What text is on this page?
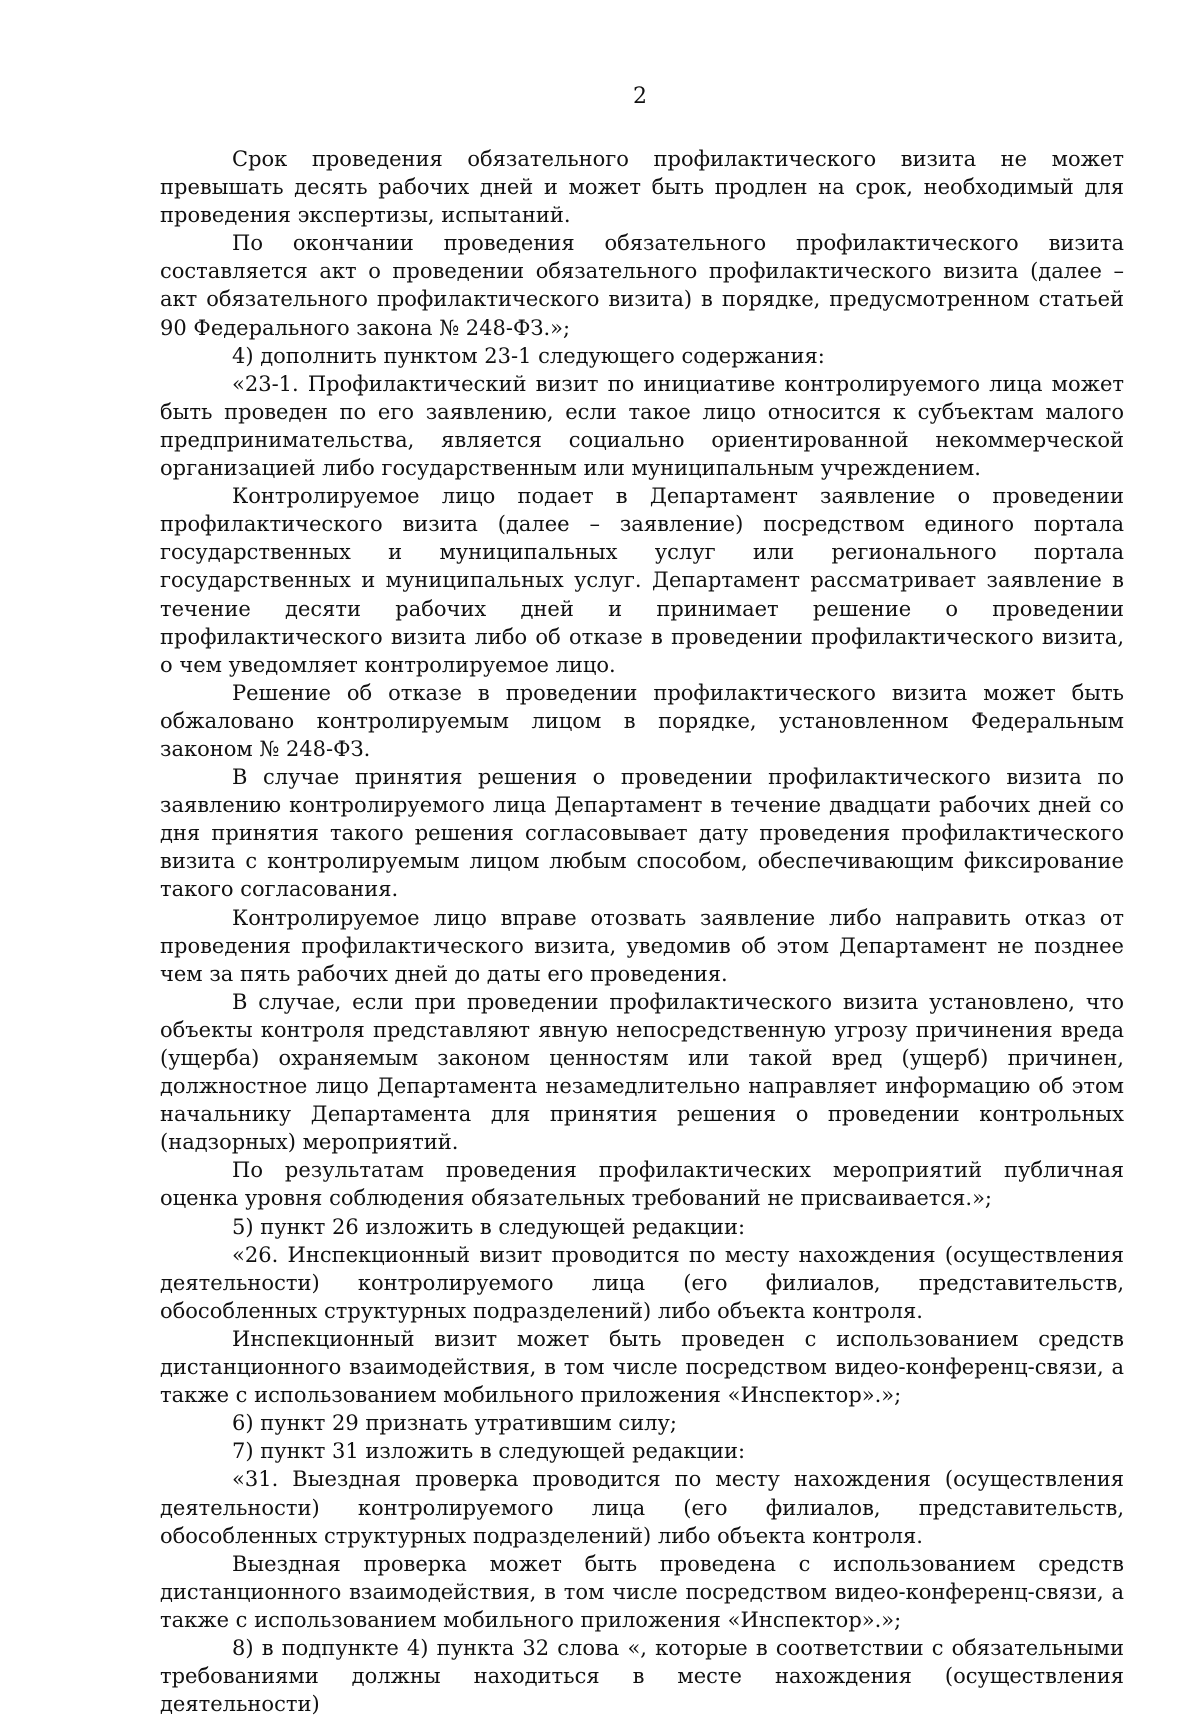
2

Срок проведения обязательного профилактического визита не может превышать десять рабочих дней и может быть продлен на срок, необходимый для проведения экспертизы, испытаний.

По окончании проведения обязательного профилактического визита составляется акт о проведении обязательного профилактического визита (далее – акт обязательного профилактического визита) в порядке, предусмотренном статьей 90 Федерального закона № 248-ФЗ.»;

4) дополнить пунктом 23-1 следующего содержания:

«23-1. Профилактический визит по инициативе контролируемого лица может быть проведен по его заявлению, если такое лицо относится к субъектам малого предпринимательства, является социально ориентированной некоммерческой организацией либо государственным или муниципальным учреждением.

Контролируемое лицо подает в Департамент заявление о проведении профилактического визита (далее – заявление) посредством единого портала государственных и муниципальных услуг или регионального портала государственных и муниципальных услуг. Департамент рассматривает заявление в течение десяти рабочих дней и принимает решение о проведении профилактического визита либо об отказе в проведении профилактического визита, о чем уведомляет контролируемое лицо.

Решение об отказе в проведении профилактического визита может быть обжаловано контролируемым лицом в порядке, установленном Федеральным законом № 248-ФЗ.

В случае принятия решения о проведении профилактического визита по заявлению контролируемого лица Департамент в течение двадцати рабочих дней со дня принятия такого решения согласовывает дату проведения профилактического визита с контролируемым лицом любым способом, обеспечивающим фиксирование такого согласования.

Контролируемое лицо вправе отозвать заявление либо направить отказ от проведения профилактического визита, уведомив об этом Департамент не позднее чем за пять рабочих дней до даты его проведения.

В случае, если при проведении профилактического визита установлено, что объекты контроля представляют явную непосредственную угрозу причинения вреда (ущерба) охраняемым законом ценностям или такой вред (ущерб) причинен, должностное лицо Департамента незамедлительно направляет информацию об этом начальнику Департамента для принятия решения о проведении контрольных (надзорных) мероприятий.

По результатам проведения профилактических мероприятий публичная оценка уровня соблюдения обязательных требований не присваивается.»;

5) пункт 26 изложить в следующей редакции:

«26. Инспекционный визит проводится по месту нахождения (осуществления деятельности) контролируемого лица (его филиалов, представительств, обособленных структурных подразделений) либо объекта контроля.

Инспекционный визит может быть проведен с использованием средств дистанционного взаимодействия, в том числе посредством видео-конференц-связи, а также с использованием мобильного приложения «Инспектор».»;

6) пункт 29 признать утратившим силу;

7) пункт 31 изложить в следующей редакции:

«31. Выездная проверка проводится по месту нахождения (осуществления деятельности) контролируемого лица (его филиалов, представительств, обособленных структурных подразделений) либо объекта контроля.

Выездная проверка может быть проведена с использованием средств дистанционного взаимодействия, в том числе посредством видео-конференц-связи, а также с использованием мобильного приложения «Инспектор».»;

8) в подпункте 4) пункта 32 слова «, которые в соответствии с обязательными требованиями должны находиться в месте нахождения (осуществления деятельности)
